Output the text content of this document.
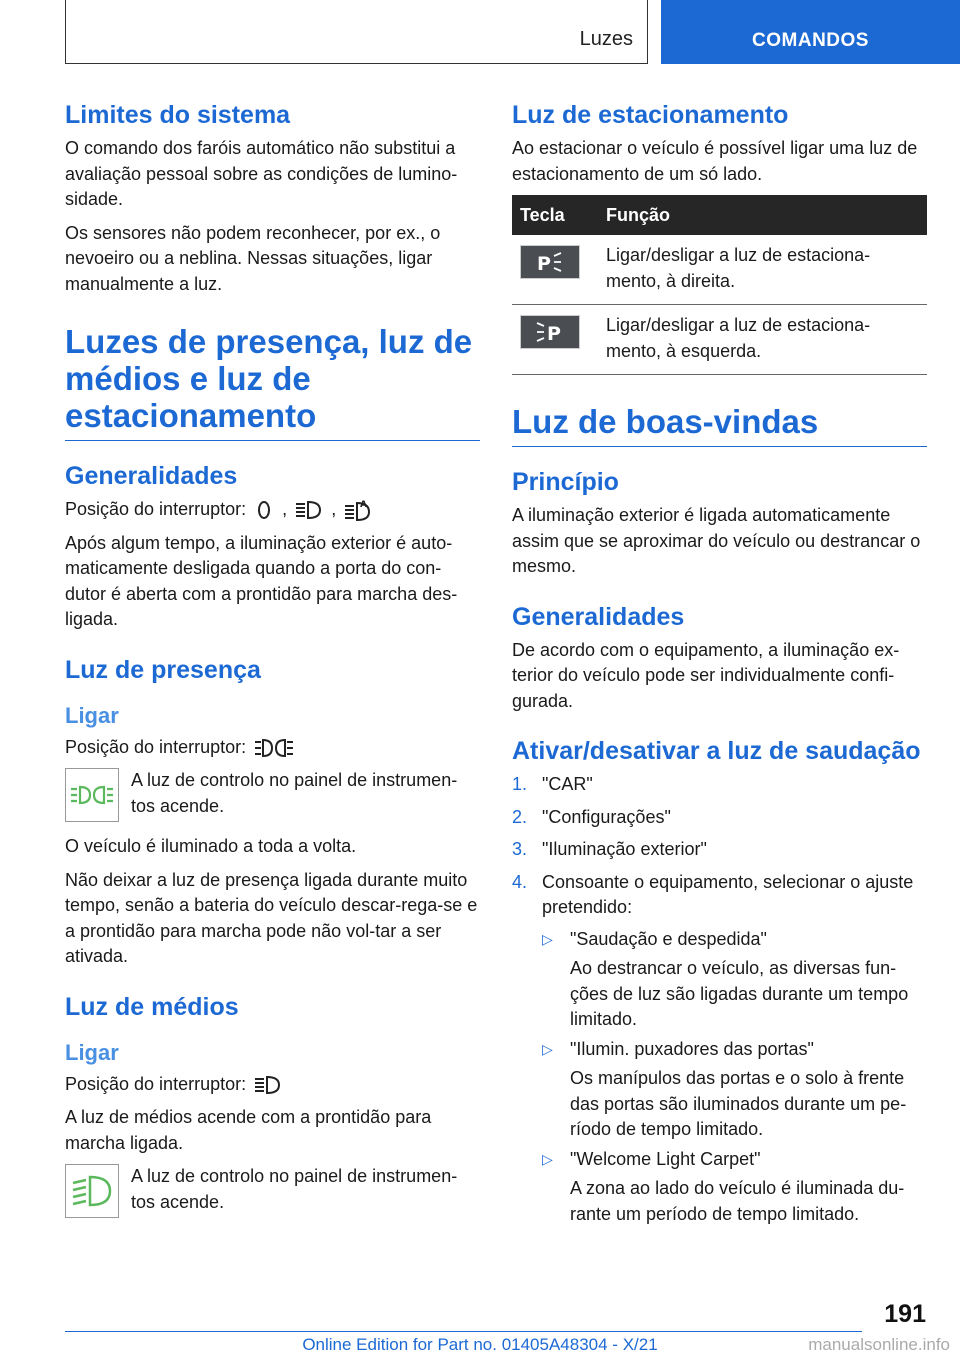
Luzes	COMANDOS
Limites do sistema

O comando dos faróis automático não substitui a avaliação pessoal sobre as condições de lumino-sidade.

Os sensores não podem reconhecer, por ex., o nevoeiro ou a neblina. Nessas situações, ligar manualmente a luz.

Luzes de presença, luz de médios e luz de estacionamento
Generalidades

Posição do interruptor: , ,	A

Após algum tempo, a iluminação exterior é auto-maticamente desligada quando a porta do con-dutor é aberta com a prontidão para marcha des-ligada.

Luz de presença
Ligar

Posição do interruptor:

A luz de controlo no painel de instrumen-tos acende.

O veículo é iluminado a toda a volta.

Não deixar a luz de presença ligada durante muito tempo, senão a bateria do veículo descar-rega-se e a prontidão para marcha pode não vol-tar a ser ativada.

Luz de médios
Ligar

Posição do interruptor:

A luz de médios acende com a prontidão para marcha ligada.

A luz de controlo no painel de instrumen-tos acende.
Luz de estacionamento

Ao estacionar o veículo é possível ligar uma luz de estacionamento de um só lado.

Tecla	Função

P	Ligar/desligar a luz de estaciona-mento, à direita.

P	Ligar/desligar a luz de estaciona-mento, à esquerda.
Luz de boas-vindas
Princípio

A iluminação exterior é ligada automaticamente assim que se aproximar do veículo ou destrancar o mesmo.

Generalidades

De acordo com o equipamento, a iluminação ex-terior do veículo pode ser individualmente confi-gurada.

Ativar/desativar a luz de saudação
1. "CAR"
2. "Configurações"
3. "Iluminação exterior"
4. Consoante o equipamento, selecionar o ajuste pretendido:
▷ "Saudação e despedida"
Ao destrancar o veículo, as diversas fun-ções de luz são ligadas durante um tempo limitado.
▷ "Ilumin. puxadores das portas"
Os manípulos das portas e o solo à frente das portas são iluminados durante um pe-ríodo de tempo limitado.
▷ "Welcome Light Carpet"
A zona ao lado do veículo é iluminada du-rante um período de tempo limitado.
191
Online Edition for Part no. 01405A48304 - X/21	manualsonline.info
